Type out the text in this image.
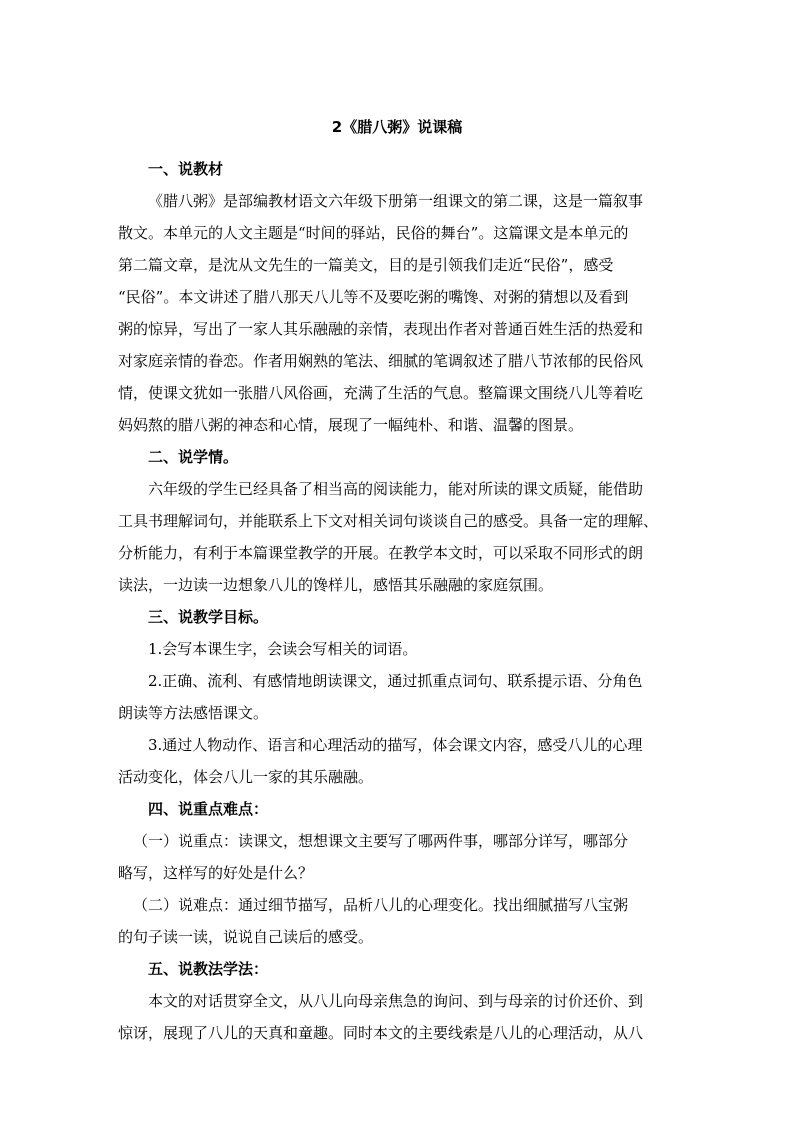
2《腊八粥》说课稿
一、说教材
《腊八粥》是部编教材语文六年级下册第一组课文的第二课，这是一篇叙事
散文。本单元的人文主题是“时间的驿站，民俗的舞台”。这篇课文是本单元的
第二篇文章，是沈从文先生的一篇美文，目的是引领我们走近“民俗”，感受
“民俗”。本文讲述了腊八那天八儿等不及要吃粥的嘴馋、对粥的猜想以及看到
粥的惊异，写出了一家人其乐融融的亲情，表现出作者对普通百姓生活的热爱和
对家庭亲情的眷恋。作者用娴熟的笔法、细腻的笔调叙述了腊八节浓郁的民俗风
情，使课文犹如一张腊八风俗画，充满了生活的气息。整篇课文围绕八儿等着吃
妈妈熬的腊八粥的神态和心情，展现了一幅纯朴、和谐、温馨的图景。
二、说学情。
六年级的学生已经具备了相当高的阅读能力，能对所读的课文质疑，能借助
工具书理解词句，并能联系上下文对相关词句谈谈自己的感受。具备一定的理解、
分析能力，有利于本篇课堂教学的开展。在教学本文时，可以采取不同形式的朗
读法，一边读一边想象八儿的馋样儿，感悟其乐融融的家庭氛围。
三、说教学目标。
1.会写本课生字，会读会写相关的词语。
2.正确、流利、有感情地朗读课文，通过抓重点词句、联系提示语、分角色
朗读等方法感悟课文。
3.通过人物动作、语言和心理活动的描写，体会课文内容，感受八儿的心理
活动变化，体会八儿一家的其乐融融。
四、说重点难点：
（一）说重点：读课文，想想课文主要写了哪两件事，哪部分详写，哪部分
略写，这样写的好处是什么？
（二）说难点：通过细节描写，品析八儿的心理变化。找出细腻描写八宝粥
的句子读一读，说说自己读后的感受。
五、说教法学法：
本文的对话贯穿全文，从八儿向母亲焦急的询问、到与母亲的讨价还价、到
惊讶，展现了八儿的天真和童趣。同时本文的主要线索是八儿的心理活动，从八
